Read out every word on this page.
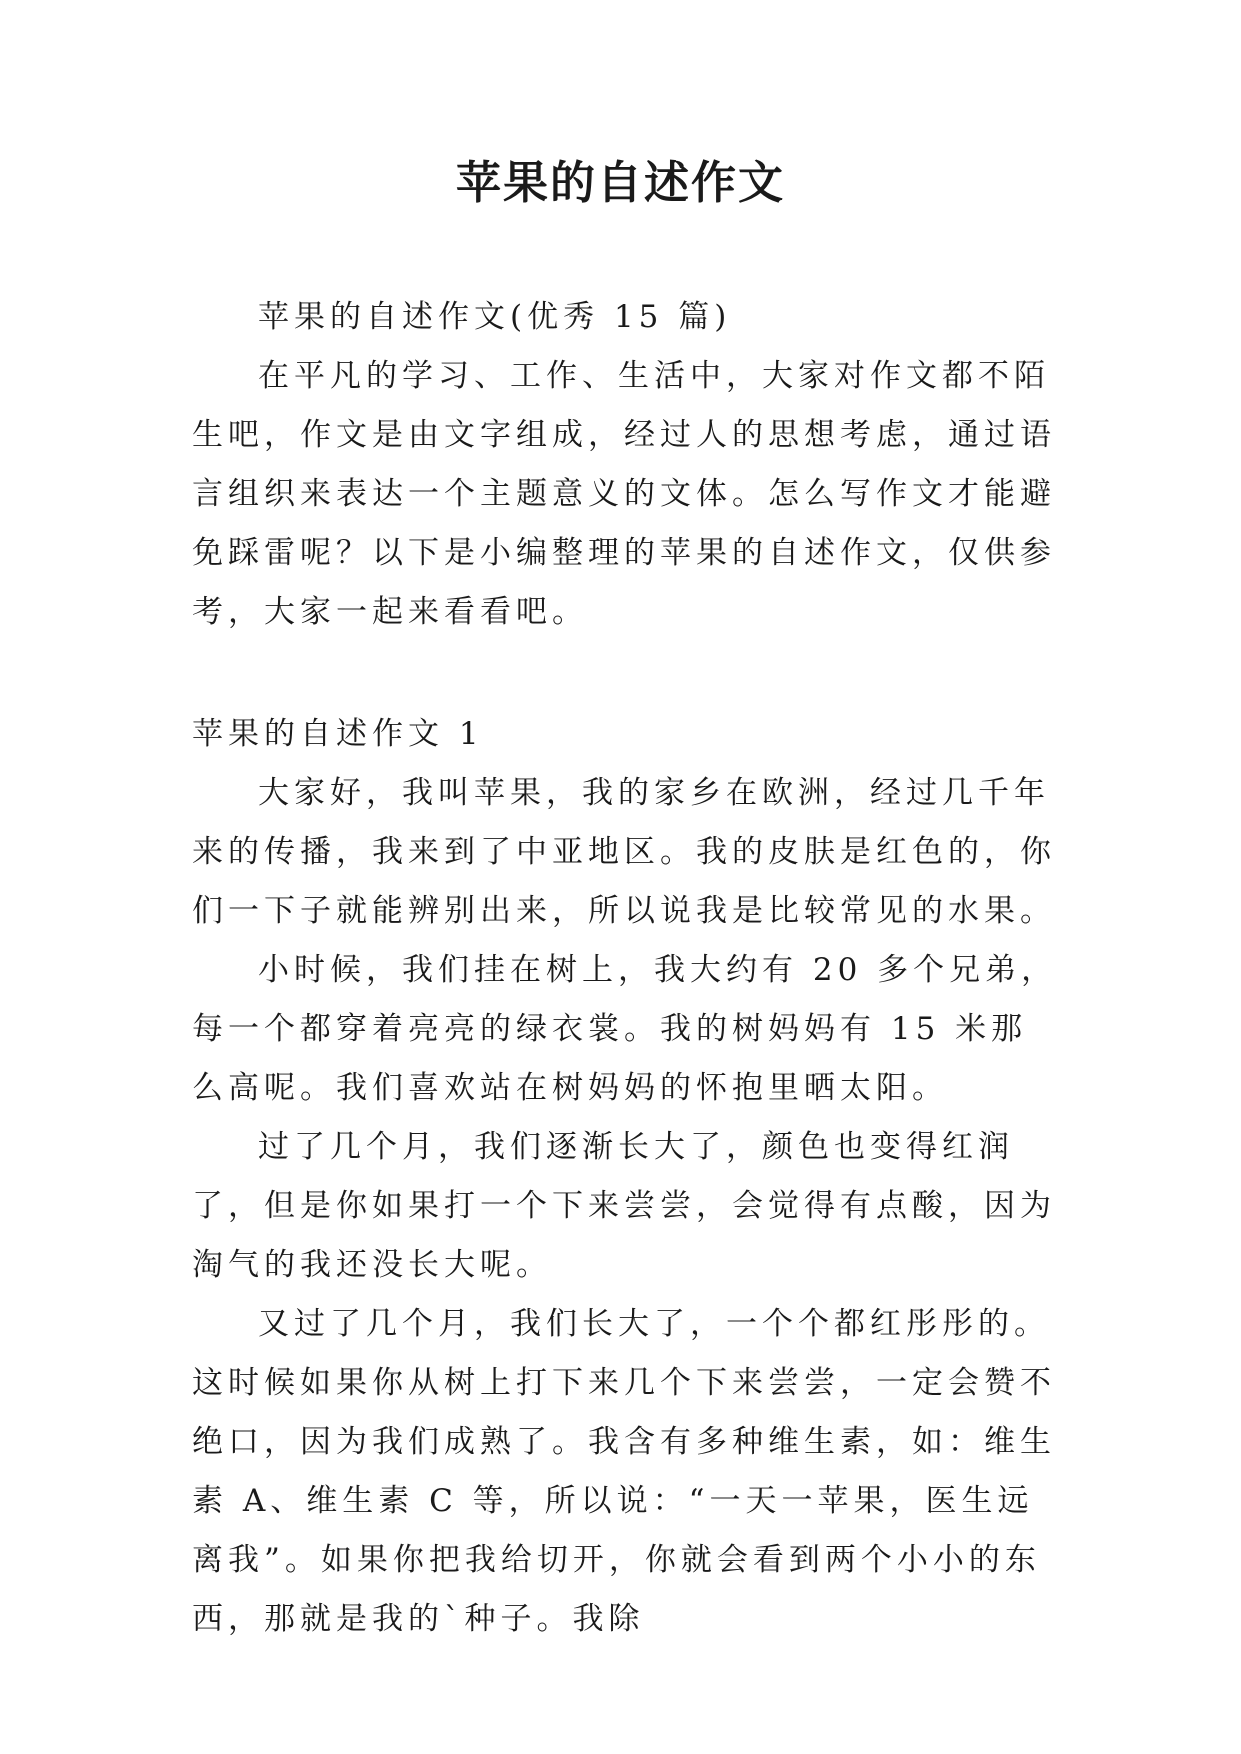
苹果的自述作文

苹果的自述作文(优秀 15 篇)

在平凡的学习、工作、生活中，大家对作文都不陌生吧，作文是由文字组成，经过人的思想考虑，通过语言组织来表达一个主题意义的文体。怎么写作文才能避免踩雷呢？以下是小编整理的苹果的自述作文，仅供参考，大家一起来看看吧。

苹果的自述作文 1

大家好，我叫苹果，我的家乡在欧洲，经过几千年来的传播，我来到了中亚地区。我的皮肤是红色的，你们一下子就能辨别出来，所以说我是比较常见的水果。

小时候，我们挂在树上，我大约有 20 多个兄弟，每一个都穿着亮亮的绿衣裳。我的树妈妈有 15 米那么高呢。我们喜欢站在树妈妈的怀抱里晒太阳。

过了几个月，我们逐渐长大了，颜色也变得红润了，但是你如果打一个下来尝尝，会觉得有点酸，因为淘气的我还没长大呢。

又过了几个月，我们长大了，一个个都红彤彤的。这时候如果你从树上打下来几个下来尝尝，一定会赞不绝口，因为我们成熟了。我含有多种维生素，如：维生素 A、维生素 C 等，所以说：“一天一苹果，医生远离我”。如果你把我给切开，你就会看到两个小小的东西，那就是我的`种子。我除
